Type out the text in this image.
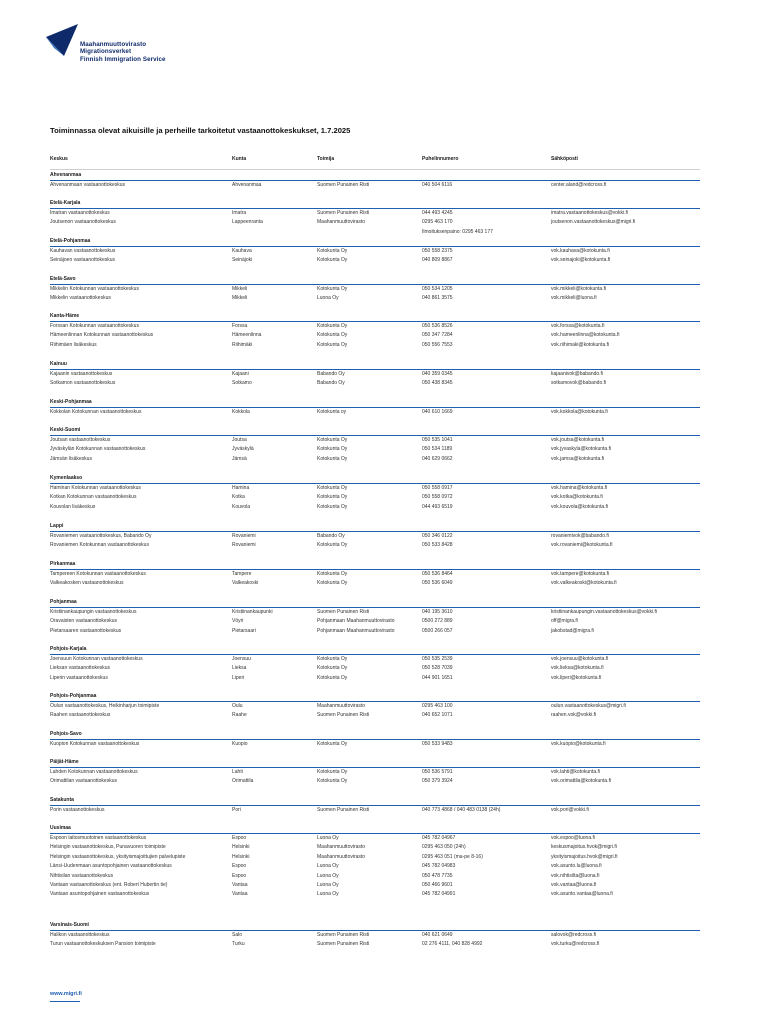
Maahanmuuttovirasto
Migrationsverket
Finnish Immigration Service
Toiminnassa olevat aikuisille ja perheille tarkoitetut vastaanottokeskukset, 1.7.2025
Keskus	Kunta	Toimija	Puhelinnumero	Sähköposti
Ahvenanmaa
Ahvenanmaan vastaanottokeskus	Ahvenanmaa	Suomen Punainen Risti	040 504 6116	center.aland@redcross.fi
Etelä-Karjala
Imatran vastaanottokeskus	Imatra	Suomen Punainen Risti	044 493 4245	imatra.vastaanottokeskus@vokki.fi
Joutsenon vastaanottokeskus	Lappeenranta	Maahanmuuttovirasto	0295 463 170	joutsenon.vastaanottokeskus@migri.fi
Ilmoituksenpaino: 0295 463 177
Etelä-Pohjanmaa
Kauhavan vastaanottokeskus	Kauhava	Kotokunta Oy	050 558 2375	vok.kauhava@kotokunta.fi
Seinäjoen vastaanottokeskus	Seinäjoki	Kotokunta Oy	040 809 8867	vok.seinajoki@kotokunta.fi
Etelä-Savo
Mikkelin Kotokunnan vastaanottokeskus	Mikkeli	Kotokunta Oy	050 534 1205	vok.mikkeli@kotokunta.fi
Mikkelin vastaanottokeskus	Mikkeli	Luona Oy	040 861 3575	vok.mikkeli@luona.fi
Kanta-Häme
Forssan Kotokunnan vastaanottokeskus	Forssa	Kotokunta Oy	050 536 8526	vok.forssa@kotokunta.fi
Hämeenlinnan Kotokunnan vastaanottokeskus	Hämeenlinna	Kotokunta Oy	050 347 7284	vok.hameenlinna@kotokunta.fi
Riihimäen lisäkeskus	Riihimäki	Kotokunta Oy	050 556 7553	vok.riihimaki@kotokunta.fi
Kainuu
Kajaanin vastaanottokeskus	Kajaani	Babando Oy	040 359 0345	kajaanivok@babando.fi
Sotkamon vastaanottokeskus	Sotkamo	Babando Oy	050 438 8345	sotkamovok@babando.fi
Keski-Pohjanmaa
Kokkolan Kotokunnan vastaanottokeskus	Kokkola	Kotokunta oy	040 610 1669	vok.kokkola@kotokunta.fi
Keski-Suomi
Joutsan vastaanottokeskus	Joutsa	Kotokunta Oy	050 535 1041	vok.joutsa@kotokunta.fi
Jyväskylän Kotokunnan vastaanottokeskus	Jyväskylä	Kotokunta Oy	050 534 1189	vok.jyvaskyla@kotokunta.fi
Jämsän lisäkeskus	Jämsä	Kotokunta Oy	040 629 0662	vok.jamsa@kotokunta.fi
Kymenlaakso
Haminan Kotokunnan vastaanottokeskus	Hamina	Kotokunta Oy	050 558 0917	vok.hamina@kotokunta.fi
Kotkan Kotokunnan vastaanottokeskus	Kotka	Kotokunta Oy	050 558 0972	vok.kotka@kotokunta.fi
Kouvolan lisäkeskus	Kouvola	Kotokunta Oy	044 493 6519	vok.kouvola@kotokunta.fi
Lappi
Rovaniemen vastaanottokeskus, Babando Oy	Rovaniemi	Babando Oy	050 346 0122	rovaniemivok@babando.fi
Rovaniemen Kotokunnan vastaanottokeskus	Rovaniemi	Kotokunta Oy	050 533 8428	vok.rovaniemi@kotokunta.fi
Pirkanmaa
Tampereen Kotokunnan vastaanottokeskus	Tampere	Kotokunta Oy	050 536 8464	vok.tampere@kotokunta.fi
Valkeakosken vastaanottokeskus	Valkeakoski	Kotokunta Oy	050 536 6049	vok.valkeakoski@kotokunta.fi
Pohjanmaa
Kristiinankaupungin vastaanottokeskus	Kristiinankaupunki	Suomen Punainen Risti	040 195 3610	kristiinankaupungin.vastaanottokeskus@vokki.fi
Oravaisten vastaanottokeskus	Vöyri	Pohjanmaan Maahanmuuttovirasto	0500 272 889	off@migra.fi
Pietarsaaren vastaanottokeskus	Pietarsaari	Pohjanmaan Maahanmuuttovirasto	0500 266 057	jakobstad@migra.fi
Pohjois-Karjala
Joensuun Kotokunnan vastaanottokeskus	Joensuu	Kotokunta Oy	050 535 2539	vok.joensuu@kotokunta.fi
Lieksan vastaanottokeskus	Lieksa	Kotokunta Oy	050 528 7039	vok.lieksa@kotokunta.fi
Liperin vastaanottokeskus	Liperi	Kotokunta Oy	044 901 1651	vok.liperi@kotokunta.fi
Pohjois-Pohjanmaa
Oulun vastaanottokeskus, Heikinharjun toimipiste	Oulu	Maahanmuuttovirasto	0295 463 100	oulun.vastaanottokeskus@migri.fi
Raahen vastaanottokeskus	Raahe	Suomen Punainen Risti	040 652 1071	raahen.vok@vokki.fi
Pohjois-Savo
Kuopion Kotokunnan vastaanottokeskus	Kuopio	Kotokunta Oy	050 533 9483	vok.kuopio@kotokunta.fi
Päijät-Häme
Lahden Kotokunnan vastaanottokeskus	Lahti	Kotokunta Oy	050 536 5791	vok.lahti@kotokunta.fi
Orimattilan vastaanottokeskus	Orimattila	Kotokunta Oy	050 379 3924	vok.orimattila@kotokunta.fi
Satakunta
Porin vastaanottokeskus	Pori	Suomen Punainen Risti	040 773 4868 / 040 483 0138 (24h)	vok.pori@vokki.fi
Uusimaa
Espoon laitosmuotoinen vastaanottokeskus	Espoo	Luona Oy	045 782 04967	vok.espoo@luona.fi
Helsingin vastaanottokeskus, Punavuoren toimipiste	Helsinki	Maahanmuuttovirasto	0295 463 050 (24h)	keskusmajoitus.hvok@migri.fi
Helsingin vastaanottokeskus, yksityismajoittujien palvelupiste	Helsinki	Maahanmuuttovirasto	0295 463 051 (ma-pe 8-16)	yksityismajoitus.hvok@migri.fi
Länsi-Uudenmaan asuntopohjainen vastaanottokeskus	Espoo	Luona Oy	045 782 04983	vok.asunto.lu@luona.fi
Nihtisilan vastaanottokeskus	Espoo	Luona Oy	050 478 7735	vok.nihtisilta@luona.fi
Vantaan vastaanottokeskus (ent. Robert Hubertin tie)	Vantaa	Luona Oy	050 466 9601	vok.vantaa@luona.fi
Vantaan asuntopohjainen vastaanottokeskus	Vantaa	Luona Oy	045 782 04991	vok.asunto.vantaa@luona.fi
Varsinais-Suomi
Halikon vastaanottokeskus	Salo	Suomen Punainen Risti	040 621 0649	salovok@redcross.fi
Turun vastaanottokeskuksen Pansion toimipiste	Turku	Suomen Punainen Risti	02 276 4111, 040 828 4992	vok.turku@redcross.fi
www.migri.fi
